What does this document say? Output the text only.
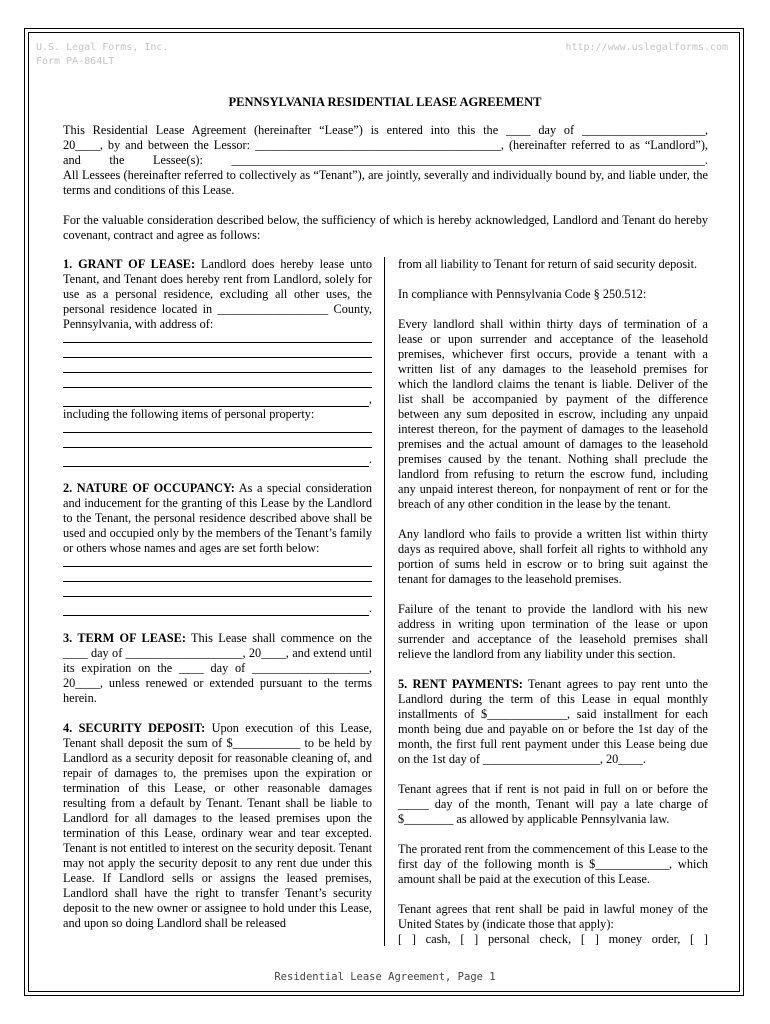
U.S. Legal Forms, Inc.
Form PA-864LT
http://www.uslegalforms.com
PENNSYLVANIA RESIDENTIAL LEASE AGREEMENT

This Residential Lease Agreement (hereinafter “Lease”) is entered into this the ____ day of ____________________,
20____, by and between the Lessor: ________________________________________, (hereinafter referred to as “Landlord”),
and the Lessee(s): _____________________________________________________________________________.
All Lessees (hereinafter referred to collectively as “Tenant”), are jointly, severally and individually bound by, and liable under, the terms and conditions of this Lease.

For the valuable consideration described below, the sufficiency of which is hereby acknowledged, Landlord and Tenant do hereby covenant, contract and agree as follows:

1. GRANT OF LEASE: Landlord does hereby lease unto Tenant, and Tenant does hereby rent from Landlord, solely for use as a personal residence, excluding all other uses, the personal residence located in __________________ County, Pennsylvania, with address of:
,
including the following items of personal property:
.
2. NATURE OF OCCUPANCY: As a special consideration and inducement for the granting of this Lease by the Landlord to the Tenant, the personal residence described above shall be used and occupied only by the members of the Tenant’s family or others whose names and ages are set forth below:
.

3. TERM OF LEASE: This Lease shall commence on the ____ day of ___________________, 20____, and extend until its expiration on the ____ day of ___________________, 20____, unless renewed or extended pursuant to the terms herein.

4. SECURITY DEPOSIT: Upon execution of this Lease, Tenant shall deposit the sum of $___________ to be held by Landlord as a security deposit for reasonable cleaning of, and repair of damages to, the premises upon the expiration or termination of this Lease, or other reasonable damages resulting from a default by Tenant. Tenant shall be liable to Landlord for all damages to the leased premises upon the termination of this Lease, ordinary wear and tear excepted. Tenant is not entitled to interest on the security deposit. Tenant may not apply the security deposit to any rent due under this Lease. If Landlord sells or assigns the leased premises, Landlord shall have the right to transfer Tenant’s security deposit to the new owner or assignee to hold under this Lease, and upon so doing Landlord shall be released

from all liability to Tenant for return of said security deposit.

In compliance with Pennsylvania Code § 250.512:

Every landlord shall within thirty days of termination of a lease or upon surrender and acceptance of the leasehold premises, whichever first occurs, provide a tenant with a written list of any damages to the leasehold premises for which the landlord claims the tenant is liable. Deliver of the list shall be accompanied by payment of the difference between any sum deposited in escrow, including any unpaid interest thereon, for the payment of damages to the leasehold premises and the actual amount of damages to the leasehold premises caused by the tenant. Nothing shall preclude the landlord from refusing to return the escrow fund, including any unpaid interest thereon, for nonpayment of rent or for the breach of any other condition in the lease by the tenant.

Any landlord who fails to provide a written list within thirty days as required above, shall forfeit all rights to withhold any portion of sums held in escrow or to bring suit against the tenant for damages to the leasehold premises.

Failure of the tenant to provide the landlord with his new address in writing upon termination of the lease or upon surrender and acceptance of the leasehold premises shall relieve the landlord from any liability under this section.

5. RENT PAYMENTS: Tenant agrees to pay rent unto the Landlord during the term of this Lease in equal monthly installments of $_____________, said installment for each month being due and payable on or before the 1st day of the month, the first full rent payment under this Lease being due on the 1st day of ___________________, 20____.

Tenant agrees that if rent is not paid in full on or before the _____ day of the month, Tenant will pay a late charge of $________ as allowed by applicable Pennsylvania law.

The prorated rent from the commencement of this Lease to the first day of the following month is $____________, which amount shall be paid at the execution of this Lease.

Tenant agrees that rent shall be paid in lawful money of the United States by (indicate those that apply):

[ ] cash, [ ] personal check, [ ] money order, [ ]
Residential Lease Agreement, Page 1
